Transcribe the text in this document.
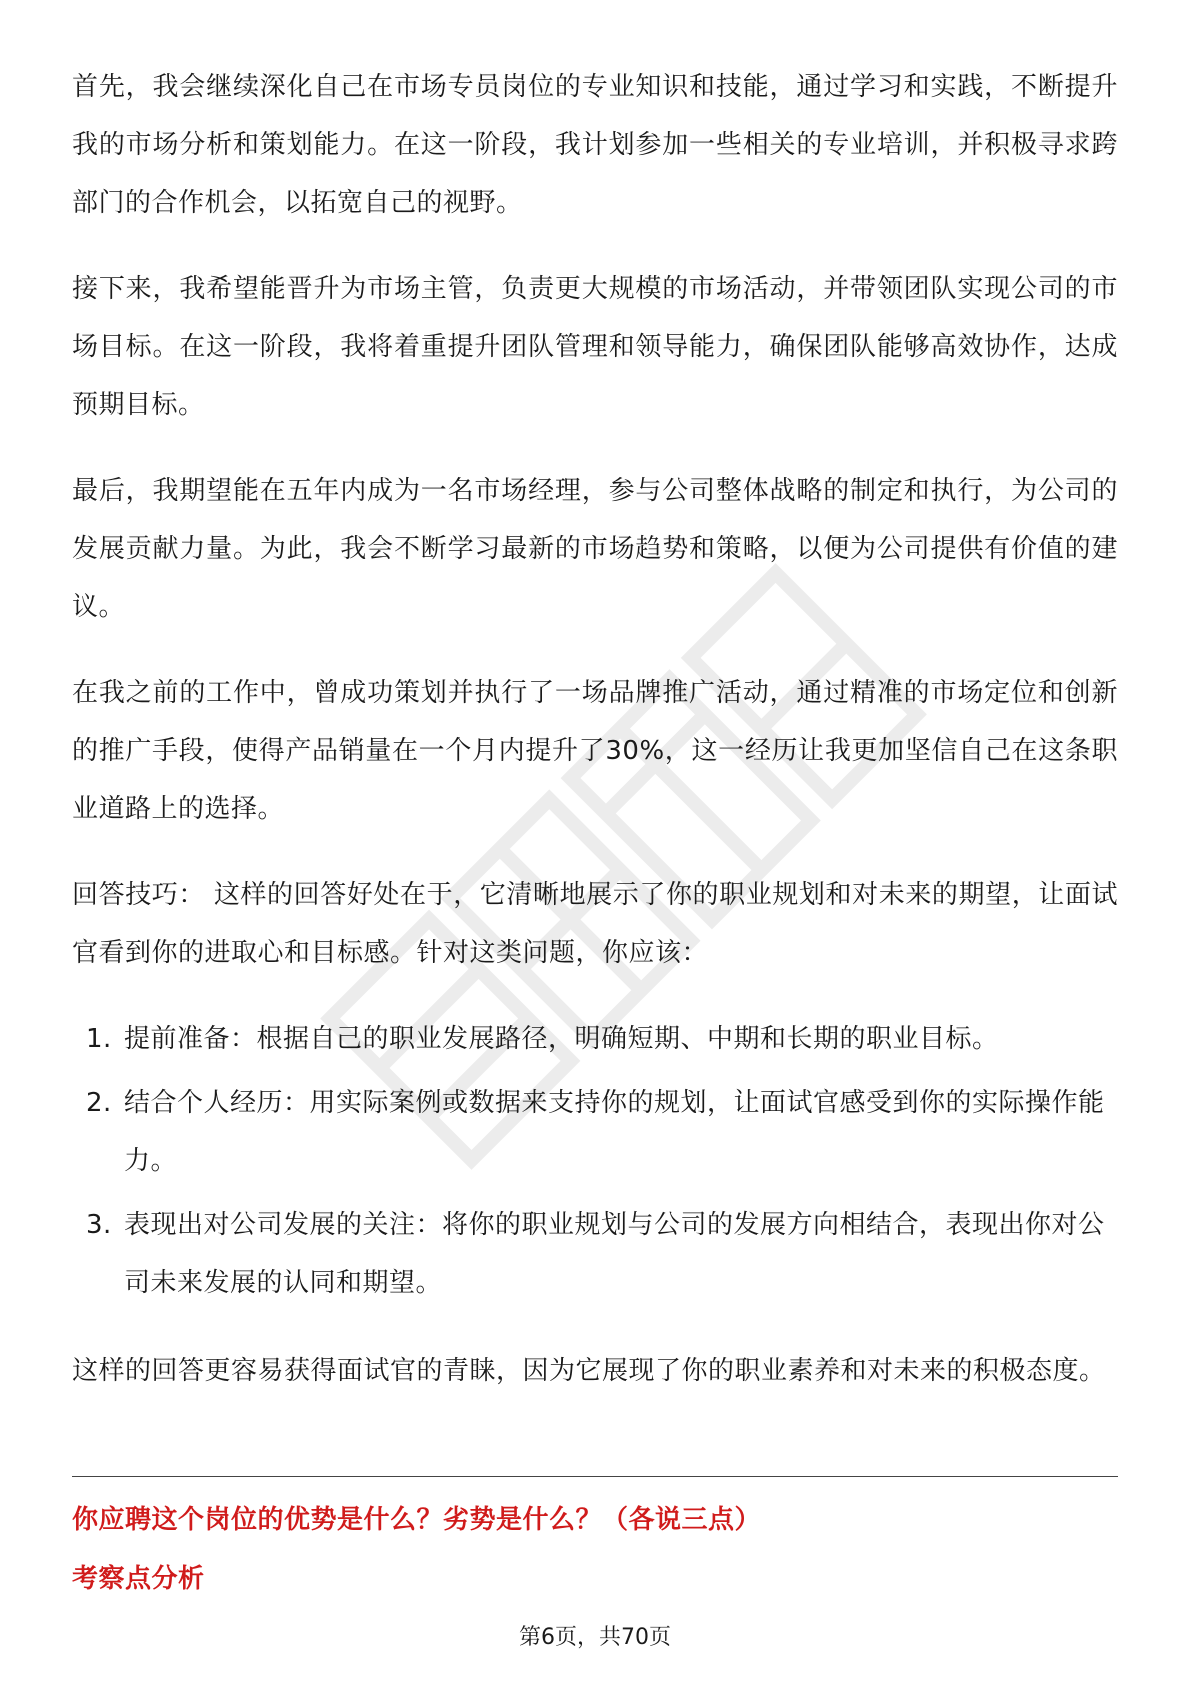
首先，我会继续深化自己在市场专员岗位的专业知识和技能，通过学习和实践，不断提升我的市场分析和策划能力。在这一阶段，我计划参加一些相关的专业培训，并积极寻求跨部门的合作机会，以拓宽自己的视野。

接下来，我希望能晋升为市场主管，负责更大规模的市场活动，并带领团队实现公司的市场目标。在这一阶段，我将着重提升团队管理和领导能力，确保团队能够高效协作，达成预期目标。

最后，我期望能在五年内成为一名市场经理，参与公司整体战略的制定和执行，为公司的发展贡献力量。为此，我会不断学习最新的市场趋势和策略，以便为公司提供有价值的建议。

在我之前的工作中，曾成功策划并执行了一场品牌推广活动，通过精准的市场定位和创新的推广手段，使得产品销量在一个月内提升了30%，这一经历让我更加坚信自己在这条职业道路上的选择。

回答技巧： 这样的回答好处在于，它清晰地展示了你的职业规划和对未来的期望，让面试官看到你的进取心和目标感。针对这类问题，你应该：

1. 提前准备：根据自己的职业发展路径，明确短期、中期和长期的职业目标。
2. 结合个人经历：用实际案例或数据来支持你的规划，让面试官感受到你的实际操作能力。
3. 表现出对公司发展的关注：将你的职业规划与公司的发展方向相结合，表现出你对公司未来发展的认同和期望。

这样的回答更容易获得面试官的青睐，因为它展现了你的职业素养和对未来的积极态度。

你应聘这个岗位的优势是什么？劣势是什么？（各说三点）
考察点分析
第6页，共70页
